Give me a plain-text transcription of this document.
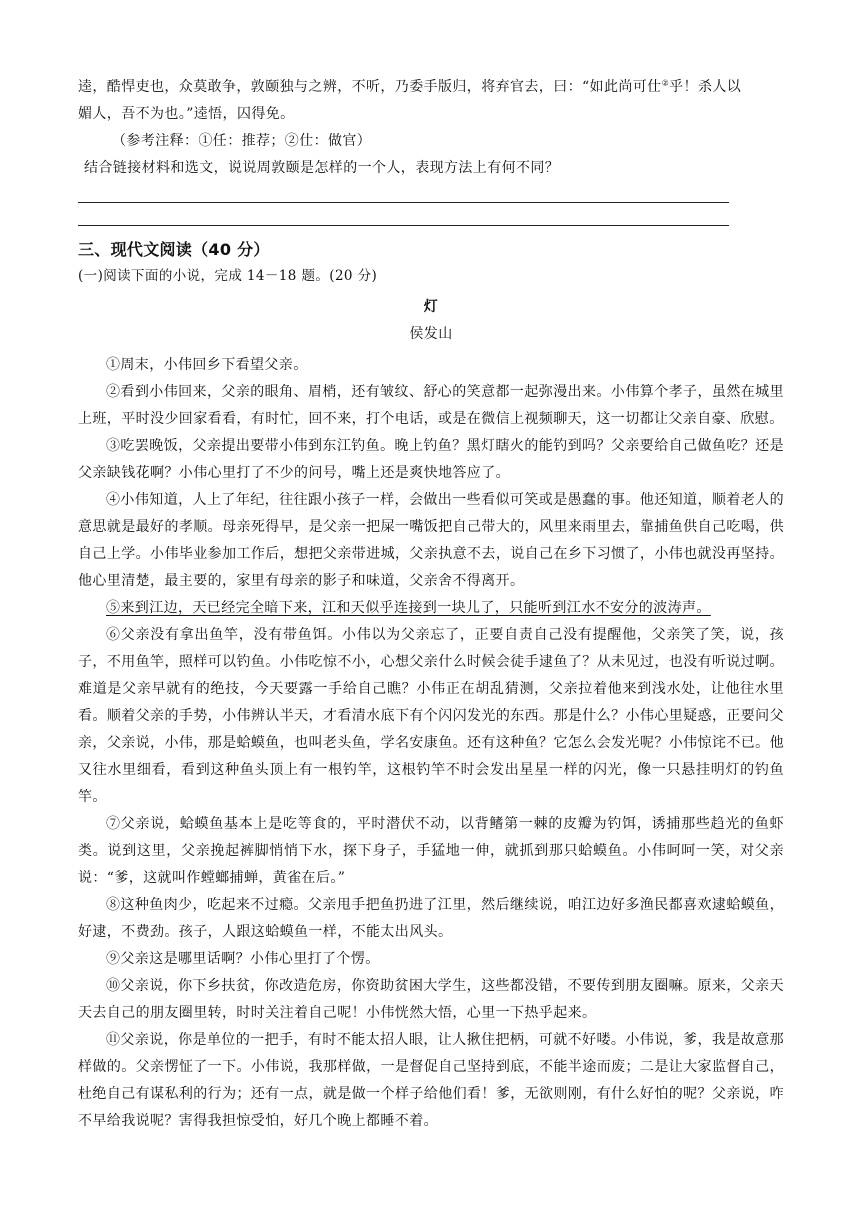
逵，酷悍吏也，众莫敢争，敦颐独与之辨，不听，乃委手版归，将弃官去，曰：“如此尚可仕②乎！杀人以

媚人，吾不为也。”逵悟，囚得免。

（参考注释：①任：推荐；②仕：做官）

结合链接材料和选文，说说周敦颐是怎样的一个人，表现方法上有何不同？

三、现代文阅读（40 分）
(一)阅读下面的小说，完成 14－18 题。(20 分)
灯
侯发山

①周末，小伟回乡下看望父亲。

②看到小伟回来，父亲的眼角、眉梢，还有皱纹、舒心的笑意都一起弥漫出来。小伟算个孝子，虽然在城里上班，平时没少回家看看，有时忙，回不来，打个电话，或是在微信上视频聊天，这一切都让父亲自豪、欣慰。

③吃罢晚饭，父亲提出要带小伟到东江钓鱼。晚上钓鱼？黑灯瞎火的能钓到吗？父亲要给自己做鱼吃？还是父亲缺钱花啊？小伟心里打了不少的问号，嘴上还是爽快地答应了。

④小伟知道，人上了年纪，往往跟小孩子一样，会做出一些看似可笑或是愚蠢的事。他还知道，顺着老人的意思就是最好的孝顺。母亲死得早，是父亲一把屎一嘴饭把自己带大的，风里来雨里去，靠捕鱼供自己吃喝，供自己上学。小伟毕业参加工作后，想把父亲带进城，父亲执意不去，说自己在乡下习惯了，小伟也就没再坚持。他心里清楚，最主要的，家里有母亲的影子和味道，父亲舍不得离开。

⑤来到江边，天已经完全暗下来，江和天似乎连接到一块儿了，只能听到江水不安分的波涛声。

⑥父亲没有拿出鱼竿，没有带鱼饵。小伟以为父亲忘了，正要自责自己没有提醒他，父亲笑了笑，说，孩子，不用鱼竿，照样可以钓鱼。小伟吃惊不小，心想父亲什么时候会徒手逮鱼了？从未见过，也没有听说过啊。难道是父亲早就有的绝技，今天要露一手给自己瞧？小伟正在胡乱猜测，父亲拉着他来到浅水处，让他往水里看。顺着父亲的手势，小伟辨认半天，才看清水底下有个闪闪发光的东西。那是什么？小伟心里疑惑，正要问父亲，父亲说，小伟，那是蛤蟆鱼，也叫老头鱼，学名安康鱼。还有这种鱼？它怎么会发光呢？小伟惊诧不已。他又往水里细看，看到这种鱼头顶上有一根钓竿，这根钓竿不时会发出星星一样的闪光，像一只悬挂明灯的钓鱼竿。

⑦父亲说，蛤蟆鱼基本上是吃等食的，平时潜伏不动，以背鳍第一棘的皮瓣为钓饵，诱捕那些趋光的鱼虾类。说到这里，父亲挽起裤脚悄悄下水，探下身子，手猛地一伸，就抓到那只蛤蟆鱼。小伟呵呵一笑，对父亲说：“爹，这就叫作螳螂捕蝉，黄雀在后。”

⑧这种鱼肉少，吃起来不过瘾。父亲甩手把鱼扔进了江里，然后继续说，咱江边好多渔民都喜欢逮蛤蟆鱼，好逮，不费劲。孩子，人跟这蛤蟆鱼一样，不能太出风头。

⑨父亲这是哪里话啊？小伟心里打了个愣。

⑩父亲说，你下乡扶贫，你改造危房，你资助贫困大学生，这些都没错，不要传到朋友圈嘛。原来，父亲天天去自己的朋友圈里转，时时关注着自己呢！小伟恍然大悟，心里一下热乎起来。

⑪父亲说，你是单位的一把手，有时不能太招人眼，让人揪住把柄，可就不好喽。小伟说，爹，我是故意那样做的。父亲愣怔了一下。小伟说，我那样做，一是督促自己坚持到底，不能半途而废；二是让大家监督自己，杜绝自己有谋私利的行为；还有一点，就是做一个样子给他们看！爹，无欲则刚，有什么好怕的呢？父亲说，咋不早给我说呢？害得我担惊受怕，好几个晚上都睡不着。
